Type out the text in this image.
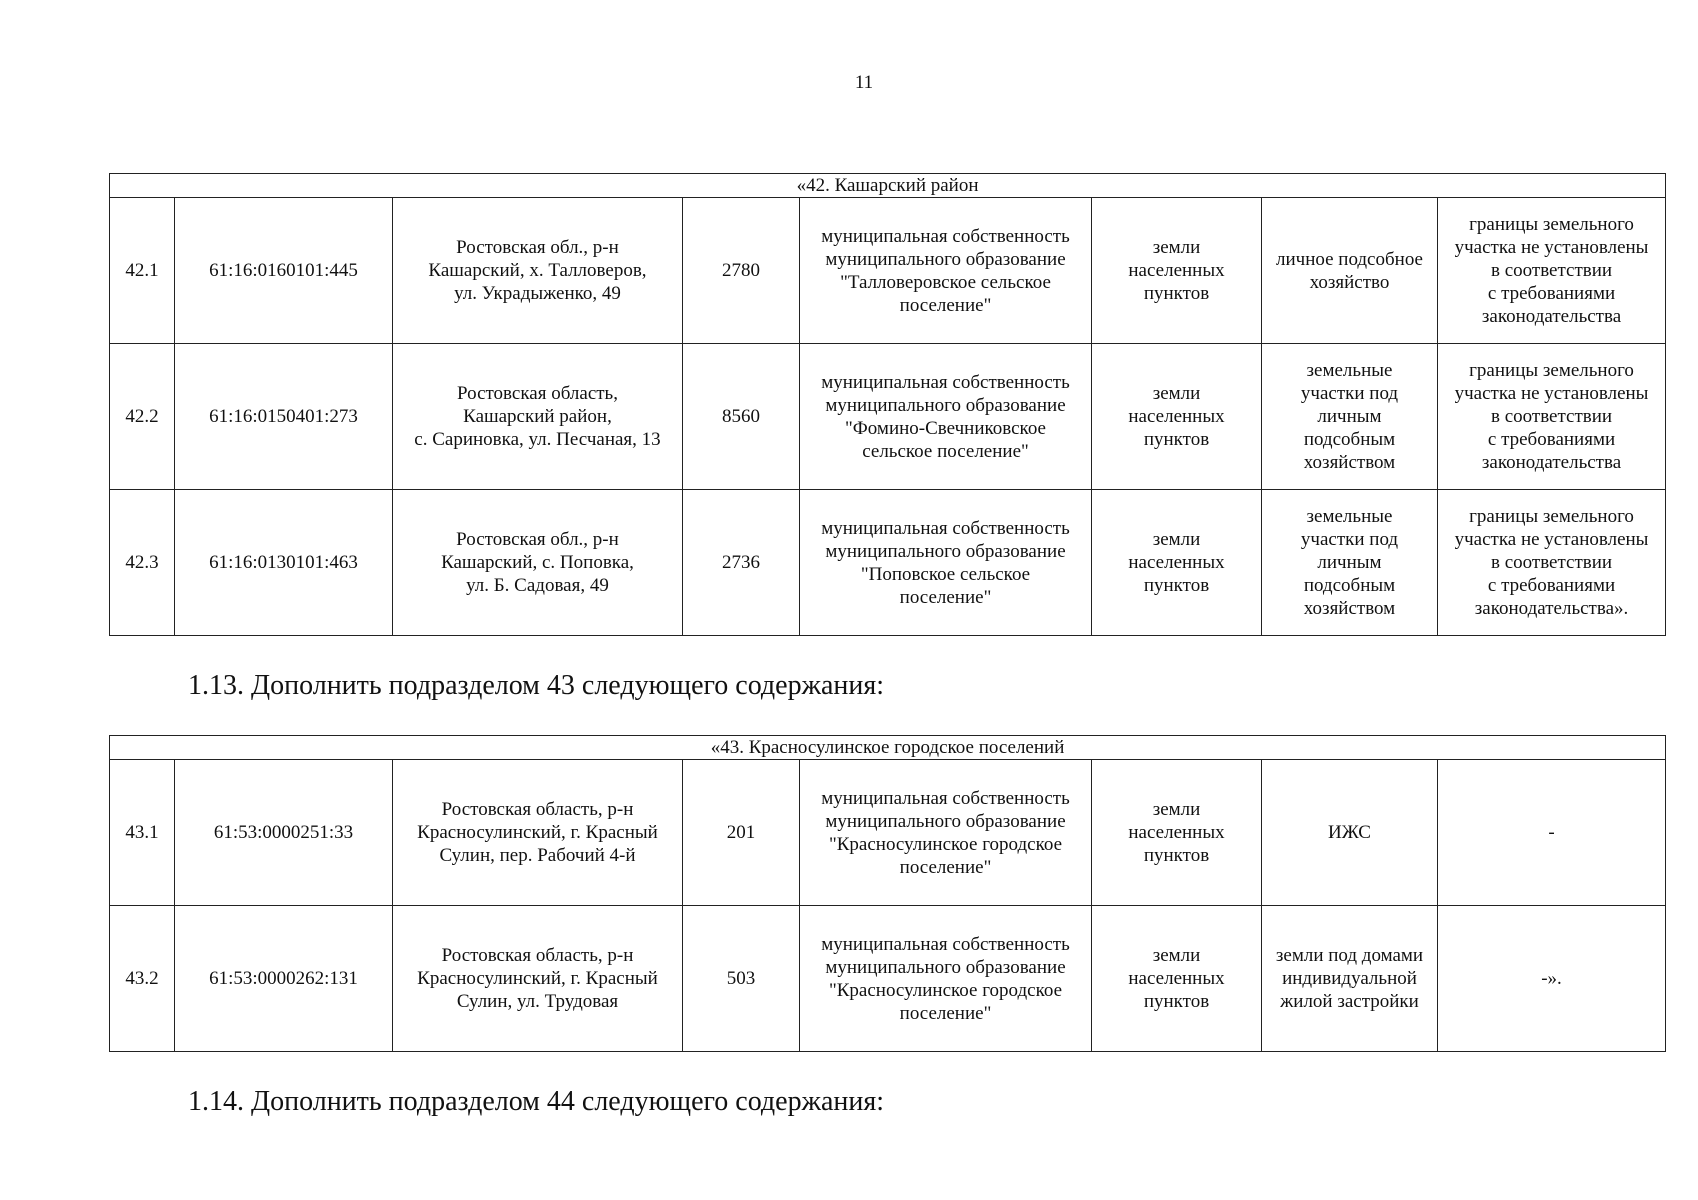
11
«42. Кашарский район							
42.1	61:16:0160101:445	Ростовская обл., р-н
Кашарский, х. Талловеров,
ул. Украдыженко, 49	2780	муниципальная собственность
муниципального образование
"Талловеровское сельское
поселение"	земли
населенных
пунктов	личное подсобное
хозяйство	границы земельного
участка не установлены
в соответствии
с требованиями
законодательства

42.2	61:16:0150401:273	Ростовская область,
Кашарский район,
с. Сариновка, ул. Песчаная, 13	8560	муниципальная собственность
муниципального образование
"Фомино-Свечниковское
сельское поселение"	земли
населенных
пунктов	земельные
участки под
личным
подсобным
хозяйством	границы земельного
участка не установлены
в соответствии
с требованиями
законодательства

42.3	61:16:0130101:463	Ростовская обл., р-н
Кашарский, с. Поповка,
ул. Б. Садовая, 49	2736	муниципальная собственность
муниципального образование
"Поповское сельское
поселение"	земли
населенных
пунктов	земельные
участки под
личным
подсобным
хозяйством	границы земельного
участка не установлены
в соответствии
с требованиями
законодательства».
1.13. Дополнить подразделом 43 следующего содержания:
«43. Красносулинское городское поселений							
43.1	61:53:0000251:33	Ростовская область, р-н
Красносулинский, г. Красный
Сулин, пер. Рабочий 4-й	201	муниципальная собственность
муниципального образование
"Красносулинское городское
поселение"	земли
населенных
пунктов	ИЖС	-

43.2	61:53:0000262:131	Ростовская область, р-н
Красносулинский, г. Красный
Сулин, ул. Трудовая	503	муниципальная собственность
муниципального образование
"Красносулинское городское
поселение"	земли
населенных
пунктов	земли под домами
индивидуальной
жилой застройки	-».
1.14. Дополнить подразделом 44 следующего содержания:
